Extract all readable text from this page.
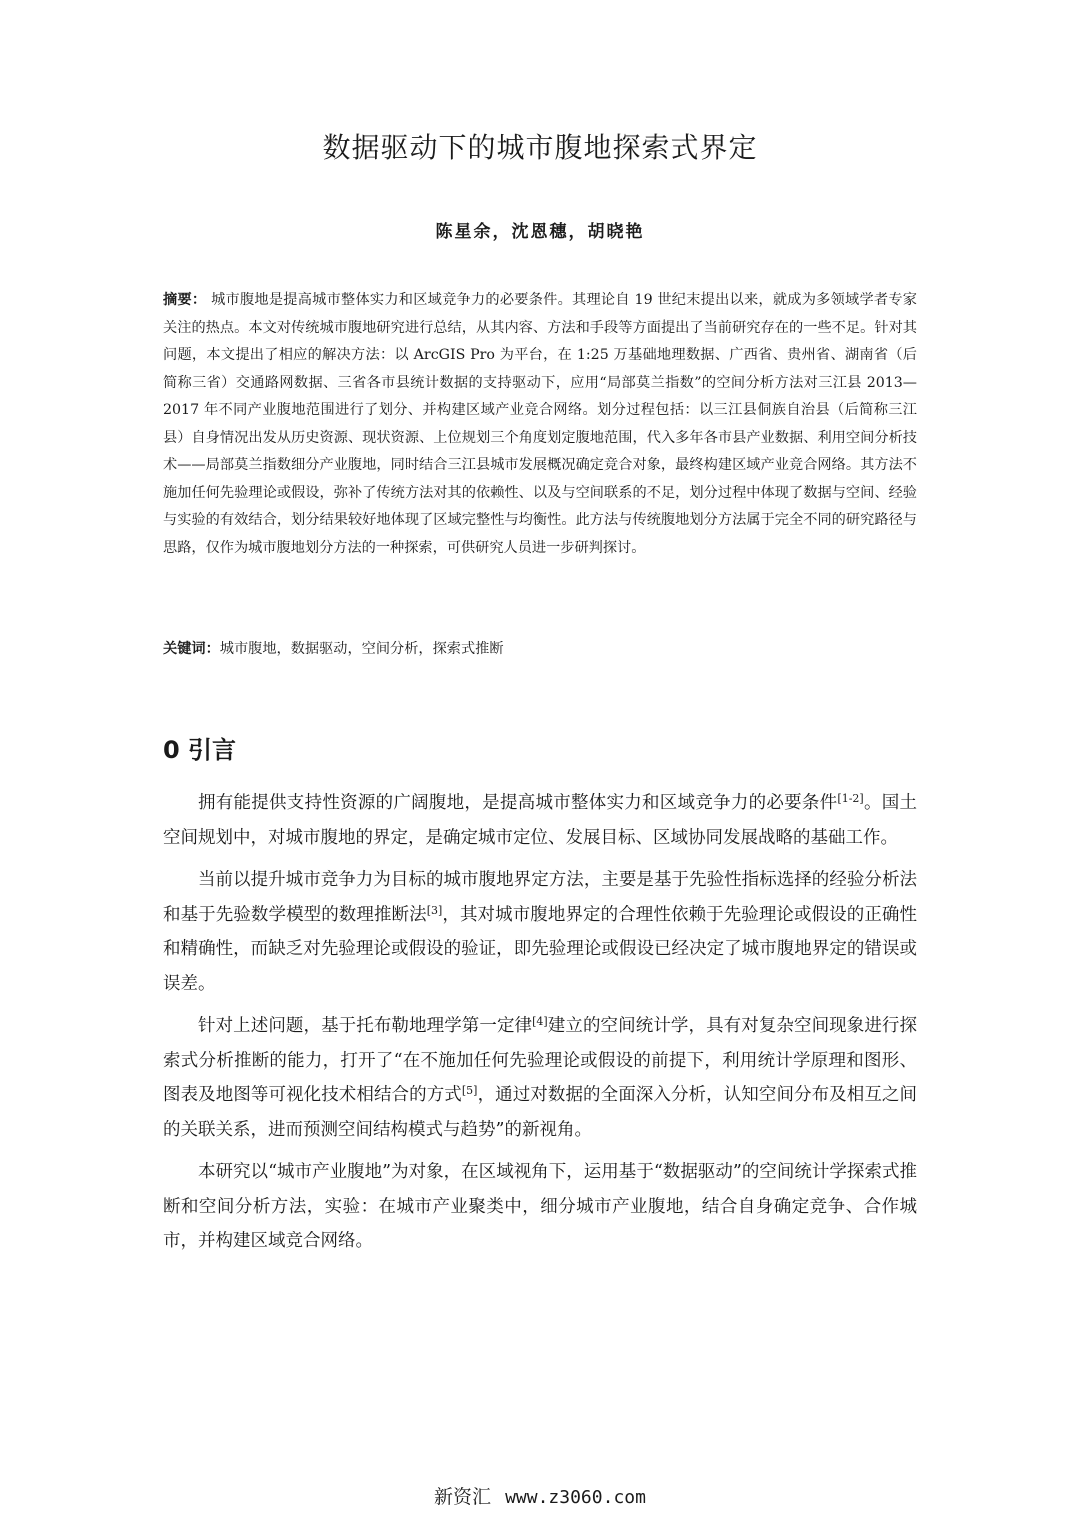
数据驱动下的城市腹地探索式界定
陈星余，沈恩穗，胡晓艳

摘要： 城市腹地是提高城市整体实力和区域竞争力的必要条件。其理论自 19 世纪末提出以来，就成为多领域学者专家关注的热点。本文对传统城市腹地研究进行总结，从其内容、方法和手段等方面提出了当前研究存在的一些不足。针对其问题，本文提出了相应的解决方法：以 ArcGIS Pro 为平台，在 1:25 万基础地理数据、广西省、贵州省、湖南省（后简称三省）交通路网数据、三省各市县统计数据的支持驱动下，应用“局部莫兰指数”的空间分析方法对三江县 2013— 2017 年不同产业腹地范围进行了划分、并构建区域产业竞合网络。划分过程包括：以三江县侗族自治县（后简称三江县）自身情况出发从历史资源、现状资源、上位规划三个角度划定腹地范围，代入多年各市县产业数据、利用空间分析技术——局部莫兰指数细分产业腹地，同时结合三江县城市发展概况确定竞合对象，最终构建区域产业竞合网络。其方法不施加任何先验理论或假设，弥补了传统方法对其的依赖性、以及与空间联系的不足，划分过程中体现了数据与空间、经验与实验的有效结合，划分结果较好地体现了区域完整性与均衡性。此方法与传统腹地划分方法属于完全不同的研究路径与思路，仅作为城市腹地划分方法的一种探索，可供研究人员进一步研判探讨。

关键词：城市腹地，数据驱动，空间分析，探索式推断

0 引言

拥有能提供支持性资源的广阔腹地，是提高城市整体实力和区域竞争力的必要条件[1-2]。国土空间规划中，对城市腹地的界定，是确定城市定位、发展目标、区域协同发展战略的基础工作。

当前以提升城市竞争力为目标的城市腹地界定方法，主要是基于先验性指标选择的经验分析法和基于先验数学模型的数理推断法[3]，其对城市腹地界定的合理性依赖于先验理论或假设的正确性和精确性，而缺乏对先验理论或假设的验证，即先验理论或假设已经决定了城市腹地界定的错误或误差。

针对上述问题，基于托布勒地理学第一定律[4]建立的空间统计学，具有对复杂空间现象进行探索式分析推断的能力，打开了“在不施加任何先验理论或假设的前提下，利用统计学原理和图形、图表及地图等可视化技术相结合的方式[5]，通过对数据的全面深入分析，认知空间分布及相互之间的关联关系，进而预测空间结构模式与趋势”的新视角。

本研究以“城市产业腹地”为对象，在区域视角下，运用基于“数据驱动”的空间统计学探索式推断和空间分析方法，实验：在城市产业聚类中，细分城市产业腹地，结合自身确定竞争、合作城市，并构建区域竞合网络。

新资汇 www.z3060.com
